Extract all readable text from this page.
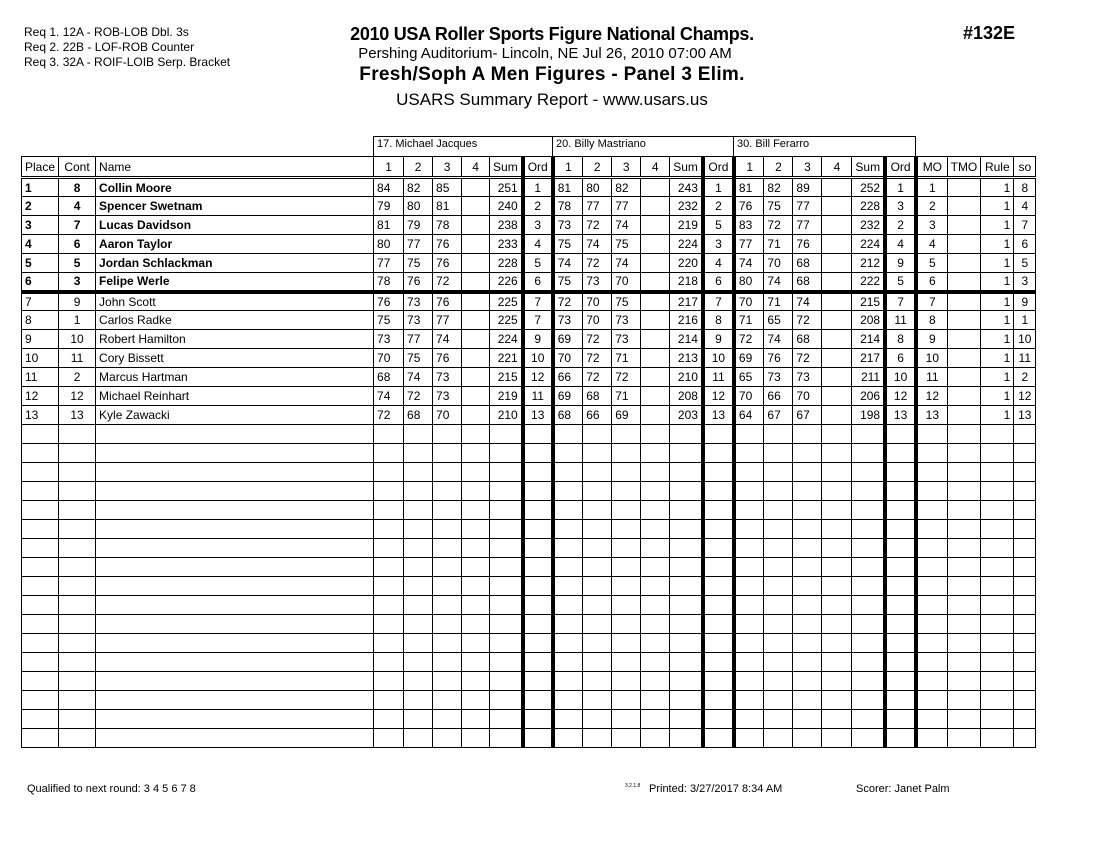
Req 1. 12A - ROB-LOB Dbl. 3s
Req 2. 22B - LOF-ROB Counter
Req 3. 32A - ROIF-LOIB Serp. Bracket
2010 USA Roller Sports Figure National Champs.
Pershing Auditorium- Lincoln, NE Jul 26, 2010 07:00 AM
Fresh/Soph A Men Figures - Panel 3 Elim.
USARS Summary Report - www.usars.us
#132E
17. Michael Jacques	20. Billy Mastriano	30. Bill Ferarro
Place	Cont	Name	1	2	3	4	Sum	Ord	1	2	3	4	Sum	Ord	1	2	3	4	Sum	Ord	MO	TMO	Rule	so
1	8	Collin Moore	84	82	85		251	1	81	80	82		243	1	81	82	89		252	1	1		1	8
2	4	Spencer Swetnam	79	80	81		240	2	78	77	77		232	2	76	75	77		228	3	2		1	4
3	7	Lucas Davidson	81	79	78		238	3	73	72	74		219	5	83	72	77		232	2	3		1	7
4	6	Aaron Taylor	80	77	76		233	4	75	74	75		224	3	77	71	76		224	4	4		1	6
5	5	Jordan Schlackman	77	75	76		228	5	74	72	74		220	4	74	70	68		212	9	5		1	5
6	3	Felipe Werle	78	76	72		226	6	75	73	70		218	6	80	74	68		222	5	6		1	3
7	9	John Scott	76	73	76		225	7	72	70	75		217	7	70	71	74		215	7	7		1	9
8	1	Carlos Radke	75	73	77		225	7	73	70	73		216	8	71	65	72		208	11	8		1	1
9	10	Robert Hamilton	73	77	74		224	9	69	72	73		214	9	72	74	68		214	8	9		1	10
10	11	Cory Bissett	70	75	76		221	10	70	72	71		213	10	69	76	72		217	6	10		1	11
11	2	Marcus Hartman	68	74	73		215	12	66	72	72		210	11	65	73	73		211	10	11		1	2
12	12	Michael Reinhart	74	72	73		219	11	69	68	71		208	12	70	66	70		206	12	12		1	12
13	13	Kyle Zawacki	72	68	70		210	13	68	66	69		203	13	64	67	67		198	13	13		1	13

Qualified to next round: 3 4 5 6 7 8	3.2.1.8 Printed: 3/27/2017 8:34 AM	Scorer: Janet Palm
